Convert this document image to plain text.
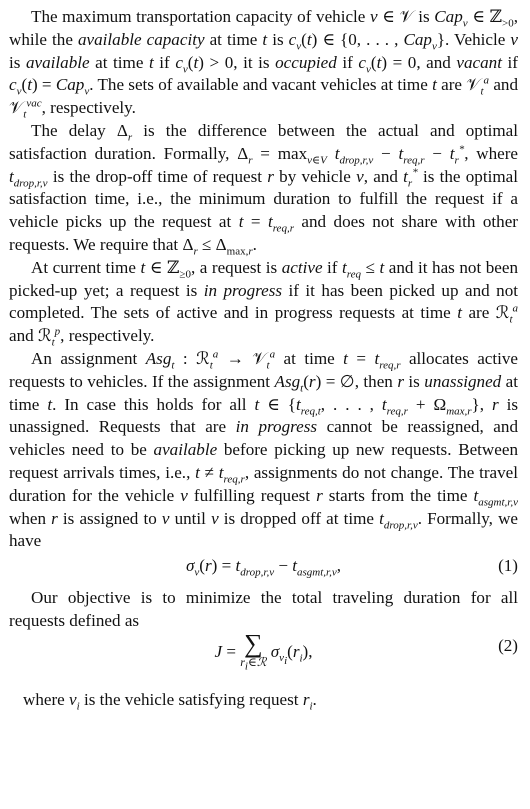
The maximum transportation capacity of vehicle v ∈ 𝒱 is Cap$_v$ ∈ ℤ$_{>0}$, while the available capacity at time t is $c_v(t)$ ∈ {0, . . . , Cap$_v$}. Vehicle v is available at time t if $c_v(t) > 0$, it is occupied if $c_v(t) = 0$, and vacant if $c_v(t) = Cap_v$. The sets of available and vacant vehicles at time t are 𝒱$_t^a$ and 𝒱$_t^{vac}$, respectively.

The delay $\Delta_r$ is the difference between the actual and optimal satisfaction duration. Formally, $\Delta_r = \max_{v\in V} t_{drop,r,v} - t_{req,r} - t_r^*$, where $t_{drop,r,v}$ is the drop-off time of request r by vehicle v, and $t_r^*$ is the optimal satisfaction time, i.e., the minimum duration to fulfill the request if a vehicle picks up the request at $t = t_{req,r}$ and does not share with other requests. We require that $\Delta_r \le \Delta_{max,r}$.

At current time t ∈ ℤ$_{\ge 0}$, a request is active if $t_{req} \le t$ and it has not been picked-up yet; a request is in progress if it has been picked up and not completed. The sets of active and in progress requests at time t are ℛ$_t^a$ and ℛ$_t^p$, respectively.

An assignment Asg$_t$ : ℛ$_t^a$ → 𝒱$_t^a$ at time $t = t_{req,r}$ allocates active requests to vehicles. If the assignment Asg$_t$(r) = ∅, then r is unassigned at time t. In case this holds for all t ∈ {$t_{req,t}$, . . . , $t_{req,r} + \Omega_{max,r}$}, r is unassigned. Requests that are in progress cannot be reassigned, and vehicles need to be available before picking up new requests. Between request arrivals times, i.e., $t \ne t_{req,r}$, assignments do not change. The travel duration for the vehicle v fulfilling request r starts from the time $t_{asgmt,r,v}$ when r is assigned to v until v is dropped off at time $t_{drop,r,v}$. Formally, we have

$\sigma_v(r) = t_{drop,r,v} - t_{asgmt,r,v}$,	(1)

Our objective is to minimize the total traveling duration for all requests defined as

J = ∑
$r_i\in ℛ$
$\sigma_{v_i}(r_i)$,	(2)

where $v_i$ is the vehicle satisfying request $r_i$.
